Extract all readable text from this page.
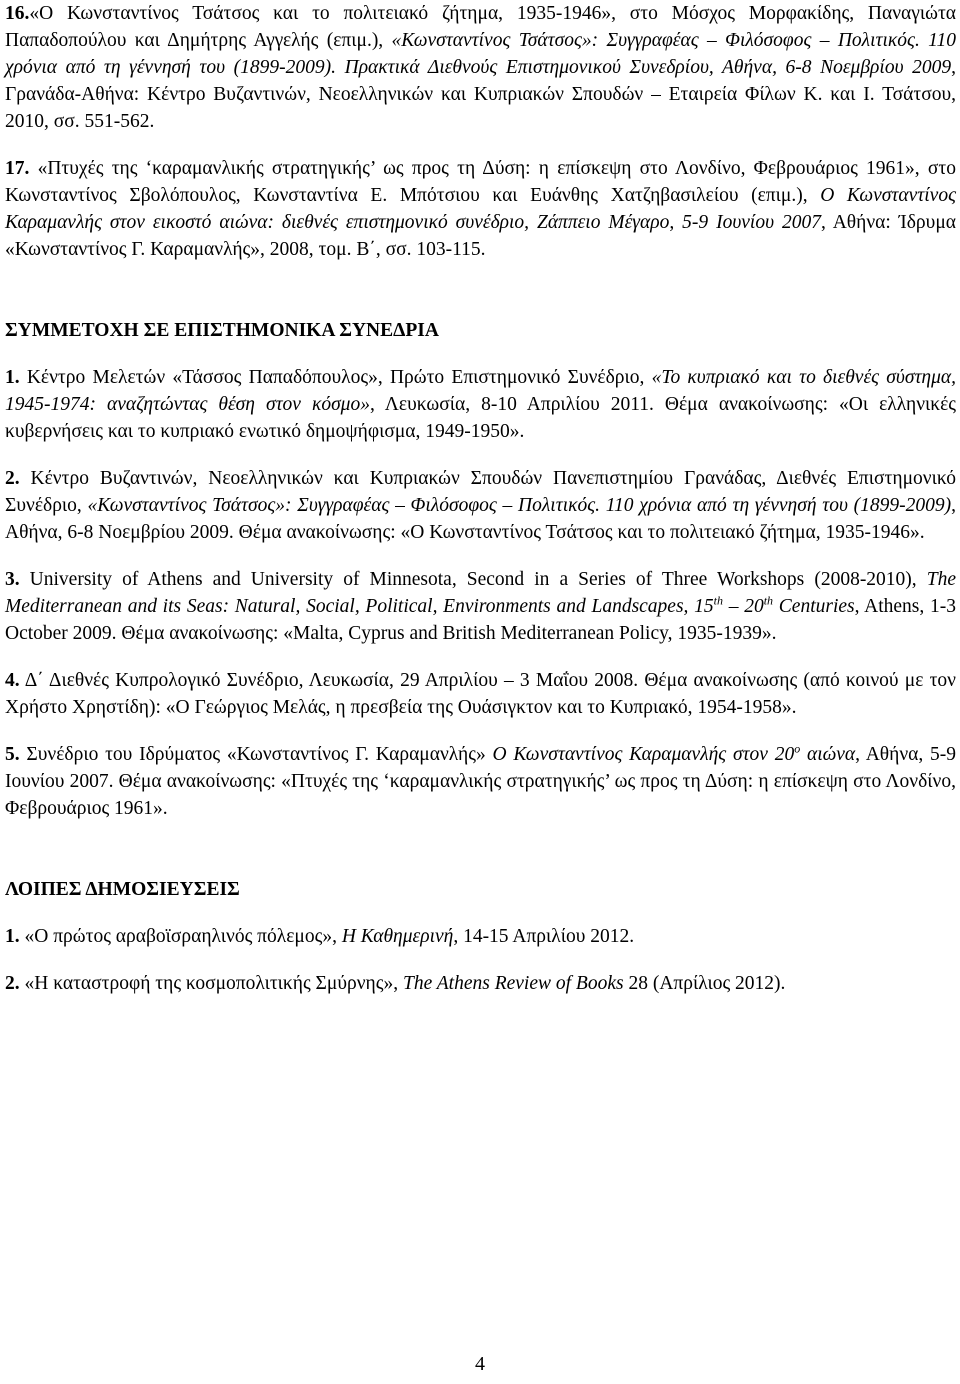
16.«Ο Κωνσταντίνος Τσάτσος και το πολιτειακό ζήτημα, 1935-1946», στο Μόσχος Μορφακίδης, Παναγιώτα Παπαδοπούλου και Δημήτρης Αγγελής (επιμ.), «Κωνσταντίνος Τσάτσος»: Συγγραφέας – Φιλόσοφος – Πολιτικός. 110 χρόνια από τη γέννησή του (1899-2009). Πρακτικά Διεθνούς Επιστημονικού Συνεδρίου, Αθήνα, 6-8 Νοεμβρίου 2009, Γρανάδα-Αθήνα: Κέντρο Βυζαντινών, Νεοελληνικών και Κυπριακών Σπουδών – Εταιρεία Φίλων Κ. και Ι. Τσάτσου, 2010, σσ. 551-562.

17. «Πτυχές της ‘καραμανλικής στρατηγικής’ ως προς τη Δύση: η επίσκεψη στο Λονδίνο, Φεβρουάριος 1961», στο Κωνσταντίνος Σβολόπουλος, Κωνσταντίνα Ε. Μπότσιου και Ευάνθης Χατζηβασιλείου (επιμ.), Ο Κωνσταντίνος Καραμανλής στον εικοστό αιώνα: διεθνές επιστημονικό συνέδριο, Ζάππειο Μέγαρο, 5-9 Ιουνίου 2007, Αθήνα: Ίδρυμα «Κωνσταντίνος Γ. Καραμανλής», 2008, τομ. Β΄, σσ. 103-115.

ΣΥΜΜΕΤΟΧΗ ΣΕ ΕΠΙΣΤΗΜΟΝΙΚΑ ΣΥΝΕΔΡΙΑ

1. Κέντρο Μελετών «Τάσσος Παπαδόπουλος», Πρώτο Επιστημονικό Συνέδριο, «Το κυπριακό και το διεθνές σύστημα, 1945-1974: αναζητώντας θέση στον κόσμο», Λευκωσία, 8-10 Απριλίου 2011. Θέμα ανακοίνωσης: «Οι ελληνικές κυβερνήσεις και το κυπριακό ενωτικό δημοψήφισμα, 1949-1950».

2. Κέντρο Βυζαντινών, Νεοελληνικών και Κυπριακών Σπουδών Πανεπιστημίου Γρανάδας, Διεθνές Επιστημονικό Συνέδριο, «Κωνσταντίνος Τσάτσος»: Συγγραφέας – Φιλόσοφος – Πολιτικός. 110 χρόνια από τη γέννησή του (1899-2009), Αθήνα, 6-8 Νοεμβρίου 2009. Θέμα ανακοίνωσης: «Ο Κωνσταντίνος Τσάτσος και το πολιτειακό ζήτημα, 1935-1946».

3. University of Athens and University of Minnesota, Second in a Series of Three Workshops (2008-2010), The Mediterranean and its Seas: Natural, Social, Political, Environments and Landscapes, 15th – 20th Centuries, Athens, 1-3 October 2009. Θέμα ανακοίνωσης: «Malta, Cyprus and British Mediterranean Policy, 1935-1939».

4. Δ΄ Διεθνές Κυπρολογικό Συνέδριο, Λευκωσία, 29 Απριλίου – 3 Μαΐου 2008. Θέμα ανακοίνωσης (από κοινού με τον Χρήστο Χρηστίδη): «Ο Γεώργιος Μελάς, η πρεσβεία της Ουάσιγκτον και το Κυπριακό, 1954-1958».

5. Συνέδριο του Ιδρύματος «Κωνσταντίνος Γ. Καραμανλής» Ο Κωνσταντίνος Καραμανλής στον $20^o$ αιώνα, Αθήνα, 5-9 Ιουνίου 2007. Θέμα ανακοίνωσης: «Πτυχές της ‘καραμανλικής στρατηγικής’ ως προς τη Δύση: η επίσκεψη στο Λονδίνο, Φεβρουάριος 1961».

ΛΟΙΠΕΣ ΔΗΜΟΣΙΕΥΣΕΙΣ

1. «Ο πρώτος αραβοϊσραηλινός πόλεμος», Η Καθημερινή, 14-15 Απριλίου 2012.

2. «Η καταστροφή της κοσμοπολιτικής Σμύρνης», The Athens Review of Books 28 (Απρίλιος 2012).

4
